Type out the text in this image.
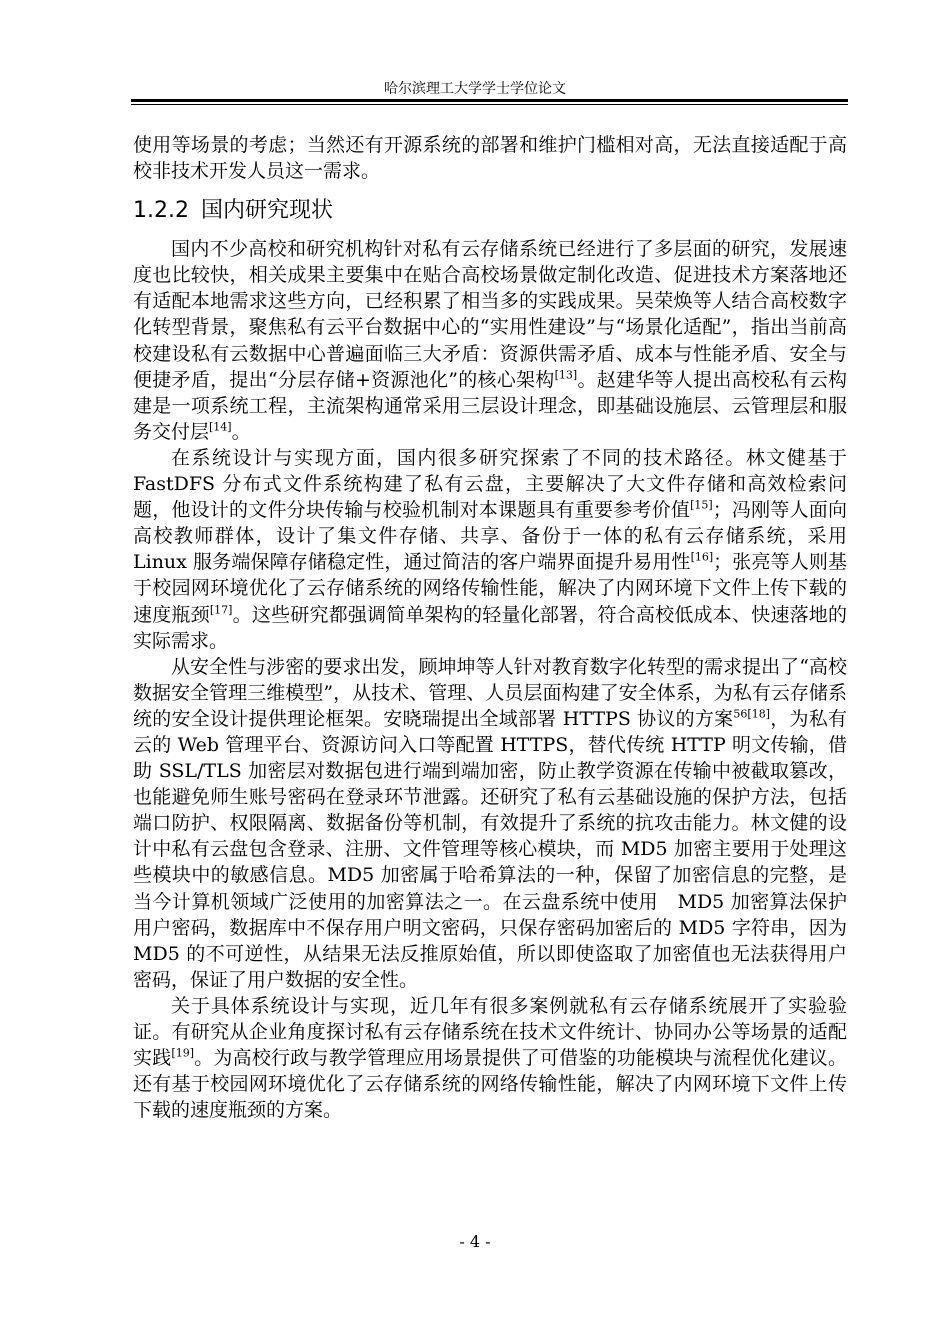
哈尔滨理工大学学士学位论文

使用等场景的考虑；当然还有开源系统的部署和维护门槛相对高，无法直接适配于高校非技术开发人员这一需求。

1.2.2 国内研究现状

国内不少高校和研究机构针对私有云存储系统已经进行了多层面的研究，发展速度也比较快，相关成果主要集中在贴合高校场景做定制化改造、促进技术方案落地还有适配本地需求这些方向，已经积累了相当多的实践成果。吴荣焕等人结合高校数字化转型背景，聚焦私有云平台数据中心的“实用性建设”与“场景化适配”，指出当前高校建设私有云数据中心普遍面临三大矛盾：资源供需矛盾、成本与性能矛盾、安全与便捷矛盾，提出“分层存储+资源池化”的核心架构[13]。赵建华等人提出高校私有云构建是一项系统工程，主流架构通常采用三层设计理念，即基础设施层、云管理层和服务交付层[14]。

在系统设计与实现方面，国内很多研究探索了不同的技术路径。林文健基于 FastDFS 分布式文件系统构建了私有云盘，主要解决了大文件存储和高效检索问题，他设计的文件分块传输与校验机制对本课题具有重要参考价值[15]；冯刚等人面向高校教师群体，设计了集文件存储、共享、备份于一体的私有云存储系统，采用 Linux 服务端保障存储稳定性，通过简洁的客户端界面提升易用性[16]；张亮等人则基于校园网环境优化了云存储系统的网络传输性能，解决了内网环境下文件上传下载的速度瓶颈[17]。这些研究都强调简单架构的轻量化部署，符合高校低成本、快速落地的实际需求。

从安全性与涉密的要求出发，顾坤坤等人针对教育数字化转型的需求提出了“高校数据安全管理三维模型”，从技术、管理、人员层面构建了安全体系，为私有云存储系统的安全设计提供理论框架。安晓瑞提出全域部署 HTTPS 协议的方案$^{56[18]}$，为私有云的 Web 管理平台、资源访问入口等配置 HTTPS，替代传统 HTTP 明文传输，借助 SSL/TLS 加密层对数据包进行端到端加密，防止教学资源在传输中被截取篡改，也能避免师生账号密码在登录环节泄露。还研究了私有云基础设施的保护方法，包括端口防护、权限隔离、数据备份等机制，有效提升了系统的抗攻击能力。林文健的设计中私有云盘包含登录、注册、文件管理等核心模块，而 MD5 加密主要用于处理这些模块中的敏感信息。MD5 加密属于哈希算法的一种，保留了加密信息的完整，是当今计算机领域广泛使用的加密算法之一。在云盘系统中使用　MD5 加密算法保护用户密码，数据库中不保存用户明文密码，只保存密码加密后的 MD5 字符串，因为 MD5 的不可逆性，从结果无法反推原始值，所以即使盗取了加密值也无法获得用户密码，保证了用户数据的安全性。

关于具体系统设计与实现，近几年有很多案例就私有云存储系统展开了实验验证。有研究从企业角度探讨私有云存储系统在技术文件统计、协同办公等场景的适配实践[19]。为高校行政与教学管理应用场景提供了可借鉴的功能模块与流程优化建议。还有基于校园网环境优化了云存储系统的网络传输性能，解决了内网环境下文件上传下载的速度瓶颈的方案。

- 4 -
